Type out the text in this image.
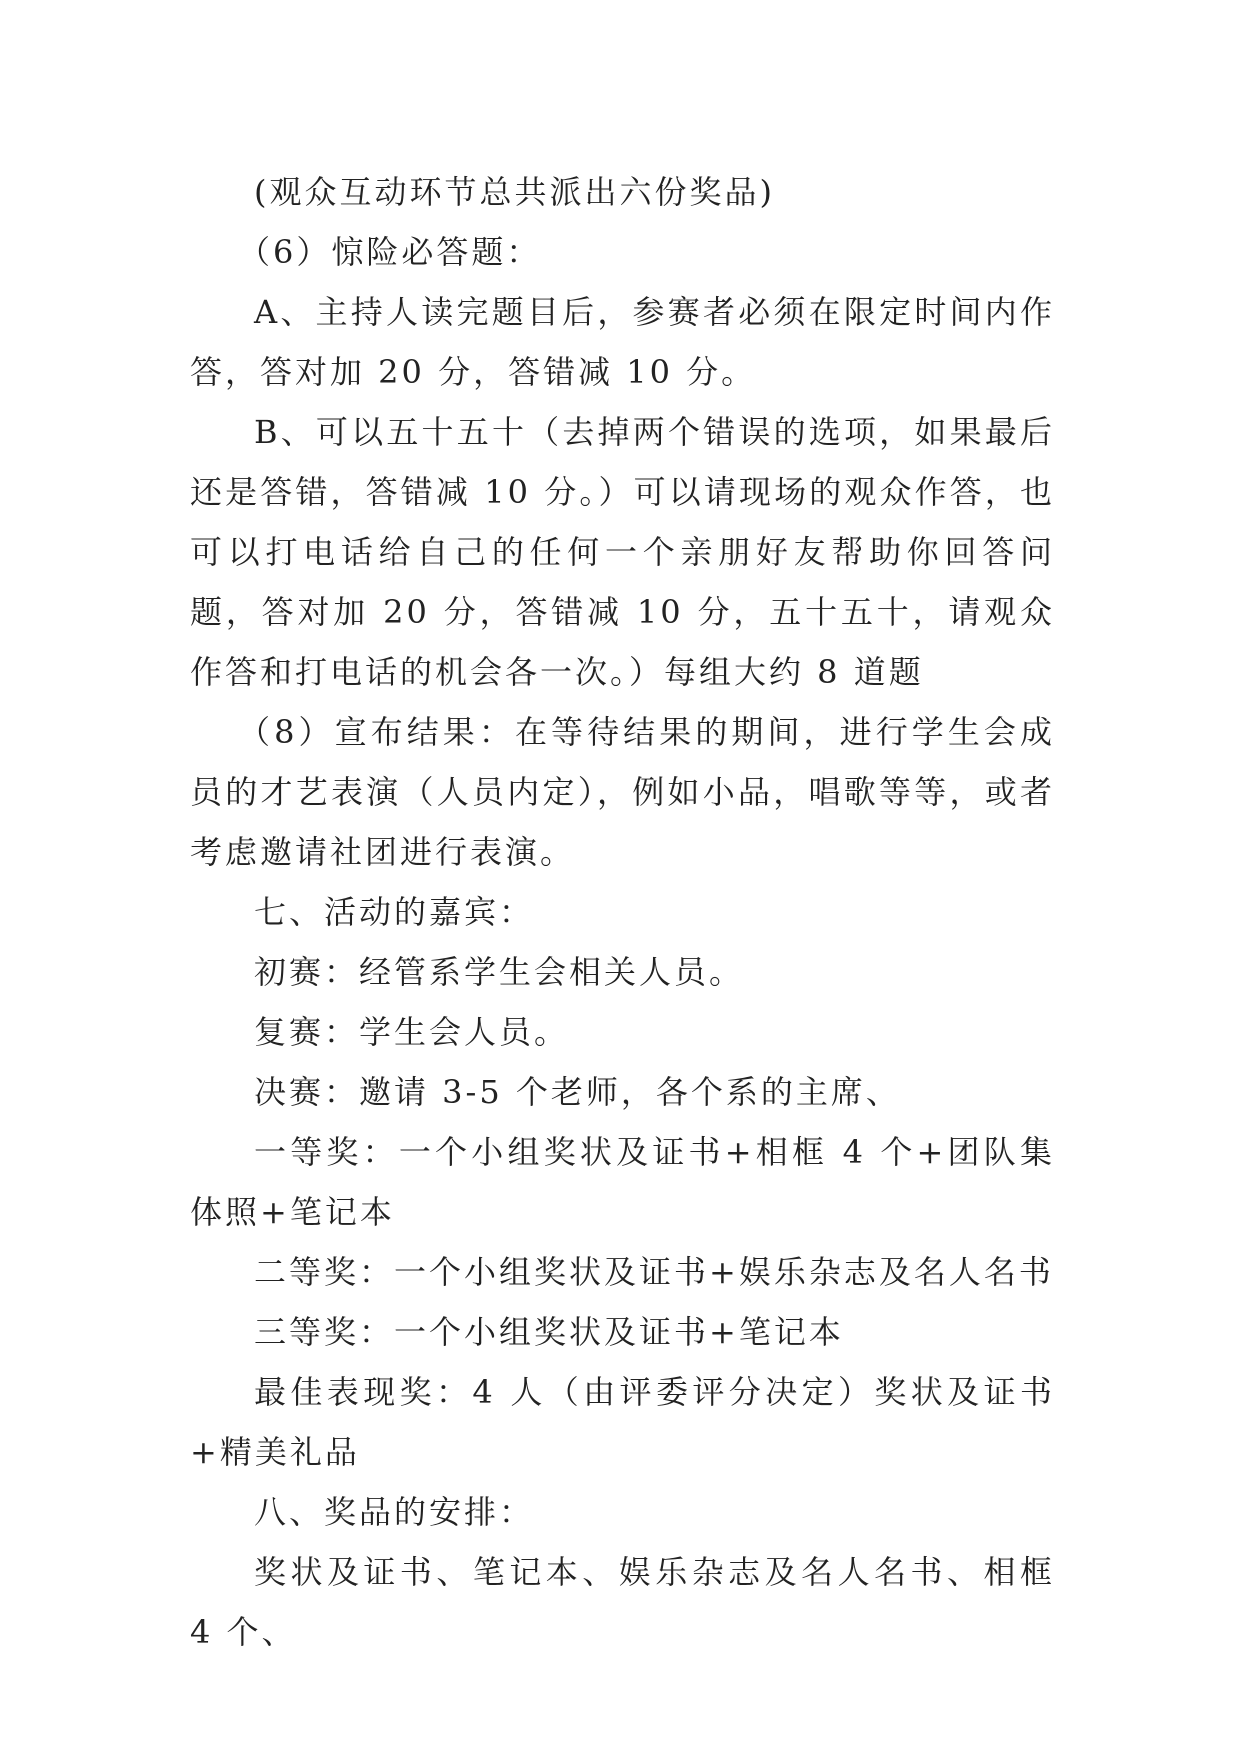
(观众互动环节总共派出六份奖品)

（6）惊险必答题：

A、主持人读完题目后，参赛者必须在限定时间内作答，答对加 20 分，答错减 10 分。

B、可以五十五十（去掉两个错误的选项，如果最后还是答错，答错减 10 分。）可以请现场的观众作答，也可以打电话给自己的任何一个亲朋好友帮助你回答问题，答对加 20 分，答错减 10 分，五十五十，请观众作答和打电话的机会各一次。）每组大约 8 道题

（8）宣布结果：在等待结果的期间，进行学生会成员的才艺表演（人员内定），例如小品，唱歌等等，或者考虑邀请社团进行表演。

七、活动的嘉宾：

初赛：经管系学生会相关人员。

复赛：学生会人员。

决赛：邀请 3-5 个老师，各个系的主席、

一等奖：一个小组奖状及证书+相框 4 个+团队集体照+笔记本

二等奖：一个小组奖状及证书+娱乐杂志及名人名书

三等奖：一个小组奖状及证书+笔记本

最佳表现奖：4 人（由评委评分决定）奖状及证书+精美礼品

八、奖品的安排：

奖状及证书、笔记本、娱乐杂志及名人名书、相框 4 个、
